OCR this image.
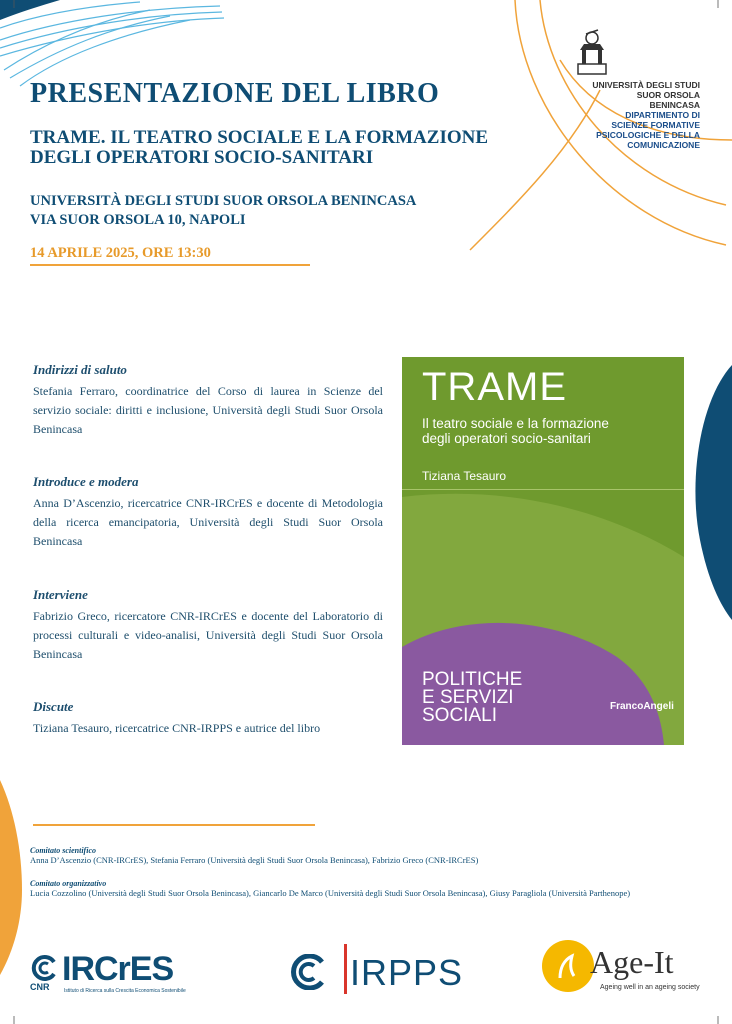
UNIVERSITÀ DEGLI STUDI
SUOR ORSOLA
BENINCASA
DIPARTIMENTO DI
SCIENZE FORMATIVE
PSICOLOGICHE E DELLA
COMUNICAZIONE
PRESENTAZIONE DEL LIBRO
TRAME. IL TEATRO SOCIALE E LA FORMAZIONE
DEGLI OPERATORI SOCIO-SANITARI
UNIVERSITÀ DEGLI STUDI SUOR ORSOLA BENINCASA
VIA SUOR ORSOLA 10, NAPOLI
14 APRILE 2025, ORE 13:30

Indirizzi di saluto

Stefania Ferraro, coordinatrice del Corso di laurea in Scienze del servizio sociale: diritti e inclusione, Università degli Studi Suor Orsola Benincasa

Introduce e modera

Anna D’Ascenzio, ricercatrice CNR-IRCrES e docente di Metodologia della ricerca emancipatoria, Università degli Studi Suor Orsola Benincasa

Interviene

Fabrizio Greco, ricercatore CNR-IRCrES e docente del Laboratorio di processi culturali e video-analisi, Università degli Studi Suor Orsola Benincasa

Discute

Tiziana Tesauro, ricercatrice CNR-IRPPS e autrice del libro

TRAME
Il teatro sociale e la formazione
degli operatori socio-sanitari
Tiziana Tesauro
POLITICHE
E SERVIZI
SOCIALI	FrancoAngeli

Comitato scientifico

Anna D’Ascenzio (CNR-IRCrES), Stefania Ferraro (Università degli Studi Suor Orsola Benincasa), Fabrizio Greco (CNR-IRCrES)

Comitato organizzativo

Lucia Cozzolino (Università degli Studi Suor Orsola Benincasa), Giancarlo De Marco (Università degli Studi Suor Orsola Benincasa), Giusy Paragliola (Università Parthenope)

CNR IRCrES
Istituto di Ricerca sulla Crescita Economica Sostenibile	IRPPS	Age-It
Ageing well in an ageing society
